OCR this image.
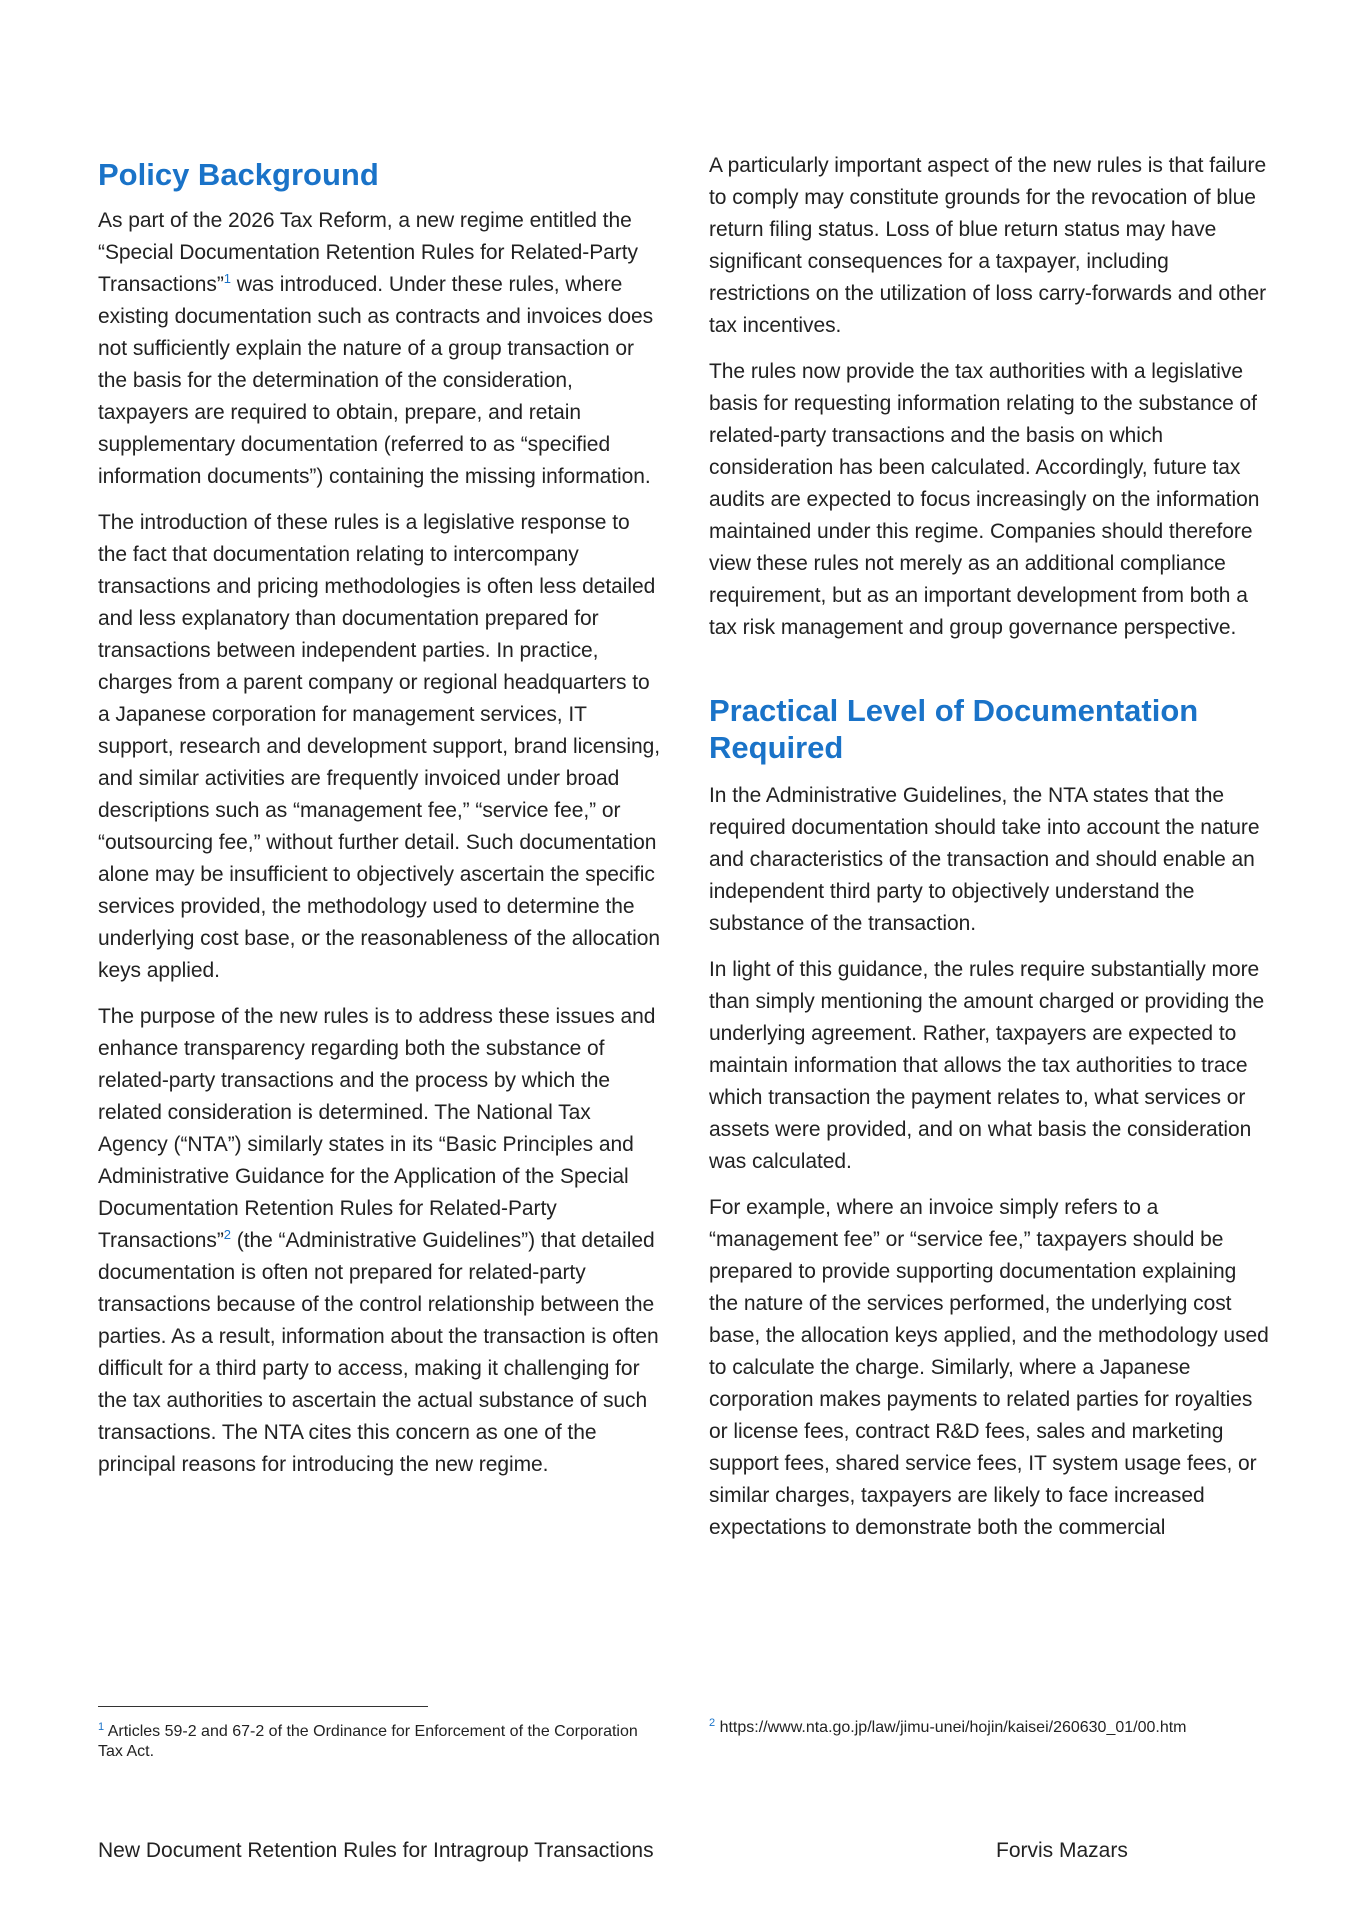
Policy Background

As part of the 2026 Tax Reform, a new regime entitled the “Special Documentation Retention Rules for Related-Party Transactions”$^1$ was introduced. Under these rules, where existing documentation such as contracts and invoices does not sufficiently explain the nature of a group transaction or the basis for the determination of the consideration, taxpayers are required to obtain, prepare, and retain supplementary documentation (referred to as “specified information documents”) containing the missing information.

The introduction of these rules is a legislative response to the fact that documentation relating to intercompany transactions and pricing methodologies is often less detailed and less explanatory than documentation prepared for transactions between independent parties. In practice, charges from a parent company or regional headquarters to a Japanese corporation for management services, IT support, research and development support, brand licensing, and similar activities are frequently invoiced under broad descriptions such as “management fee,” “service fee,” or “outsourcing fee,” without further detail. Such documentation alone may be insufficient to objectively ascertain the specific services provided, the methodology used to determine the underlying cost base, or the reasonableness of the allocation keys applied.

The purpose of the new rules is to address these issues and enhance transparency regarding both the substance of related-party transactions and the process by which the related consideration is determined. The National Tax Agency (“NTA”) similarly states in its “Basic Principles and Administrative Guidance for the Application of the Special Documentation Retention Rules for Related-Party Transactions”$^2$ (the “Administrative Guidelines”) that detailed documentation is often not prepared for related-party transactions because of the control relationship between the parties. As a result, information about the transaction is often difficult for a third party to access, making it challenging for the tax authorities to ascertain the actual substance of such transactions. The NTA cites this concern as one of the principal reasons for introducing the new regime.

A particularly important aspect of the new rules is that failure to comply may constitute grounds for the revocation of blue return filing status. Loss of blue return status may have significant consequences for a taxpayer, including restrictions on the utilization of loss carry-forwards and other tax incentives.

The rules now provide the tax authorities with a legislative basis for requesting information relating to the substance of related-party transactions and the basis on which consideration has been calculated. Accordingly, future tax audits are expected to focus increasingly on the information maintained under this regime. Companies should therefore view these rules not merely as an additional compliance requirement, but as an important development from both a tax risk management and group governance perspective.

Practical Level of Documentation Required

In the Administrative Guidelines, the NTA states that the required documentation should take into account the nature and characteristics of the transaction and should enable an independent third party to objectively understand the substance of the transaction.

In light of this guidance, the rules require substantially more than simply mentioning the amount charged or providing the underlying agreement. Rather, taxpayers are expected to maintain information that allows the tax authorities to trace which transaction the payment relates to, what services or assets were provided, and on what basis the consideration was calculated.

For example, where an invoice simply refers to a “management fee” or “service fee,” taxpayers should be prepared to provide supporting documentation explaining the nature of the services performed, the underlying cost base, the allocation keys applied, and the methodology used to calculate the charge. Similarly, where a Japanese corporation makes payments to related parties for royalties or license fees, contract R&D fees, sales and marketing support fees, shared service fees, IT system usage fees, or similar charges, taxpayers are likely to face increased expectations to demonstrate both the commercial

$^1$ Articles 59-2 and 67-2 of the Ordinance for Enforcement of the Corporation Tax Act.
$^2$ https://www.nta.go.jp/law/jimu-unei/hojin/kaisei/260630_01/00.htm
New Document Retention Rules for Intragroup Transactions	Forvis Mazars
